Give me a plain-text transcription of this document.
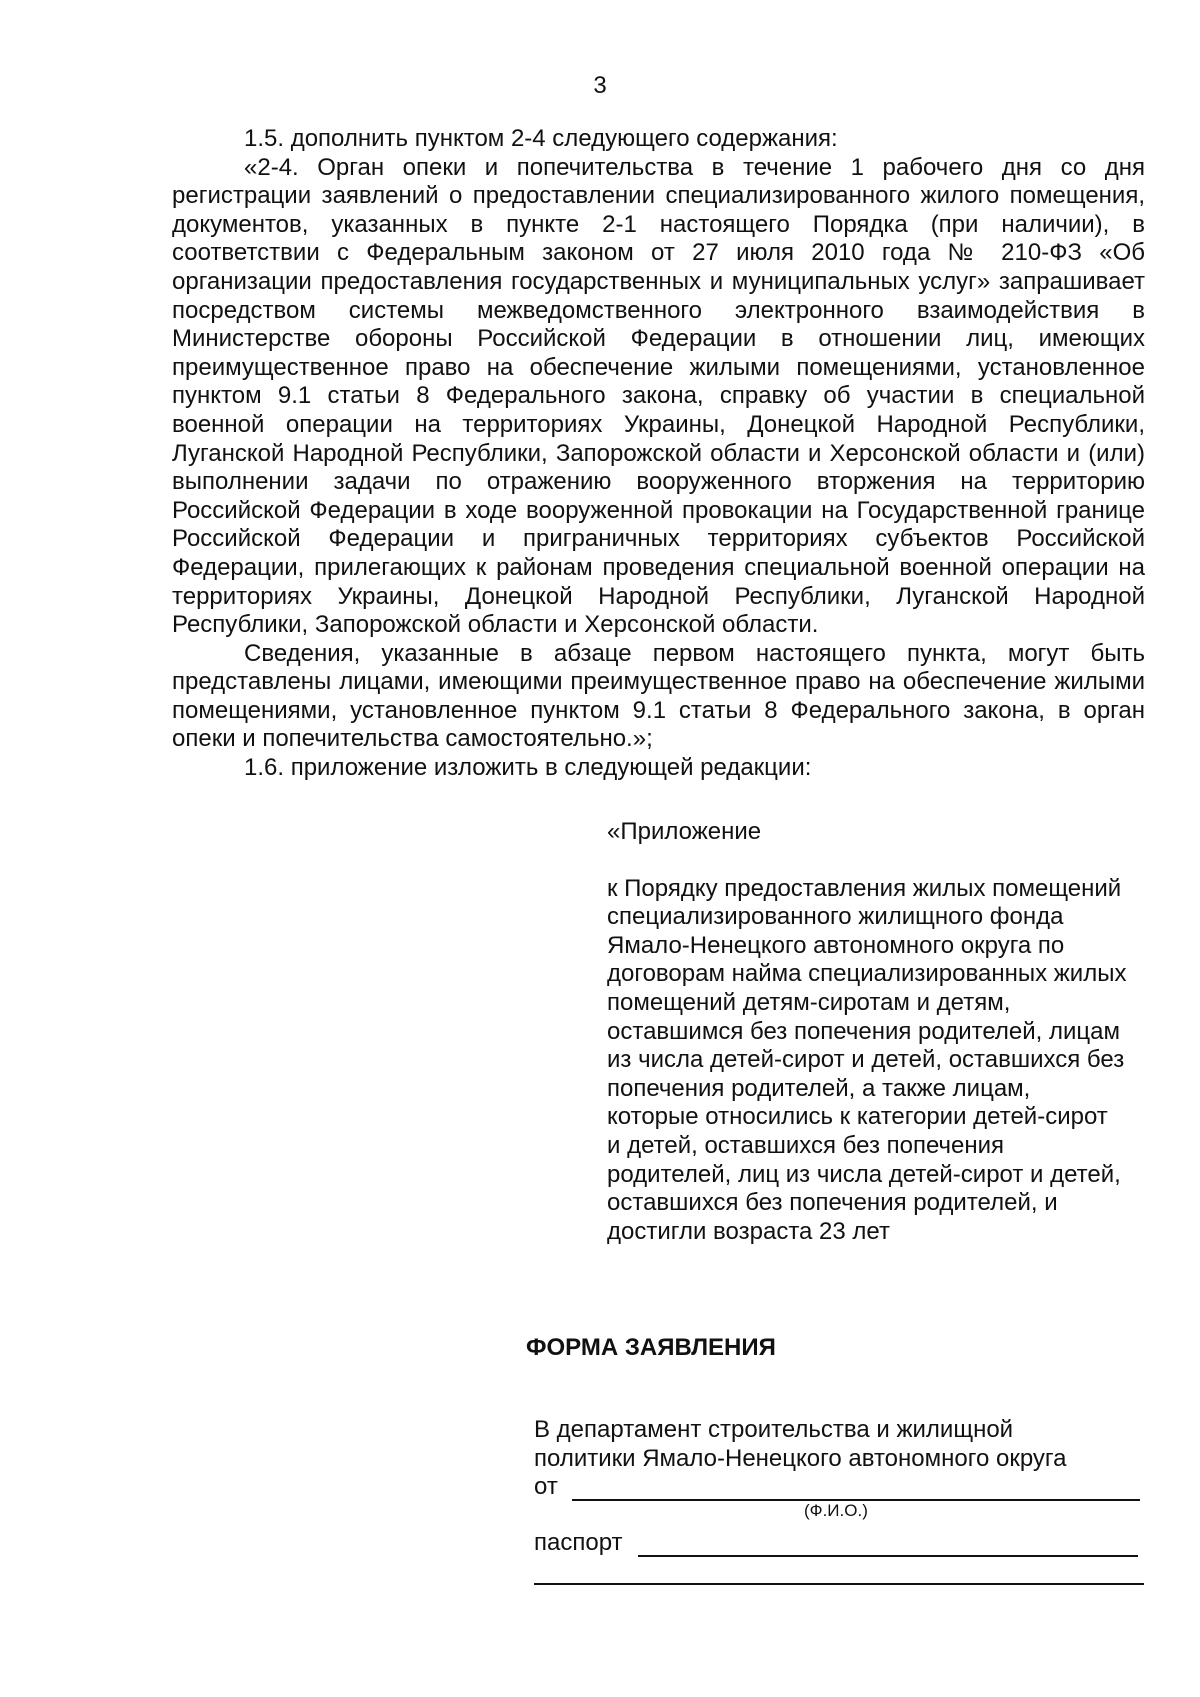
3

1.5. дополнить пунктом 2-4 следующего содержания:

«2-4. Орган опеки и попечительства в течение 1 рабочего дня со дня регистрации заявлений о предоставлении специализированного жилого помещения, документов, указанных в пункте 2-1 настоящего Порядка (при наличии), в соответствии с Федеральным законом от 27 июля 2010 года № 210-ФЗ «Об организации предоставления государственных и муниципальных услуг» запрашивает посредством системы межведомственного электронного взаимодействия в Министерстве обороны Российской Федерации в отношении лиц, имеющих преимущественное право на обеспечение жилыми помещениями, установленное пунктом 9.1 статьи 8 Федерального закона, справку об участии в специальной военной операции на территориях Украины, Донецкой Народной Республики, Луганской Народной Республики, Запорожской области и Херсонской области и (или) выполнении задачи по отражению вооруженного вторжения на территорию Российской Федерации в ходе вооруженной провокации на Государственной границе Российской Федерации и приграничных территориях субъектов Российской Федерации, прилегающих к районам проведения специальной военной операции на территориях Украины, Донецкой Народной Республики, Луганской Народной Республики, Запорожской области и Херсонской области.

Сведения, указанные в абзаце первом настоящего пункта, могут быть представлены лицами, имеющими преимущественное право на обеспечение жилыми помещениями, установленное пунктом 9.1 статьи 8 Федерального закона, в орган опеки и попечительства самостоятельно.»;

1.6. приложение изложить в следующей редакции:

«Приложение

к Порядку предоставления жилых помещений специализированного жилищного фонда Ямало-Ненецкого автономного округа по договорам найма специализированных жилых помещений детям-сиротам и детям, оставшимся без попечения родителей, лицам из числа детей-сирот и детей, оставшихся без попечения родителей, а также лицам, которые относились к категории детей-сирот и детей, оставшихся без попечения родителей, лиц из числа детей-сирот и детей, оставшихся без попечения родителей, и достигли возраста 23 лет

ФОРМА ЗАЯВЛЕНИЯ

В департамент строительства и жилищной

политики Ямало-Ненецкого автономного округа

от
(Ф.И.О.)
паспорт
